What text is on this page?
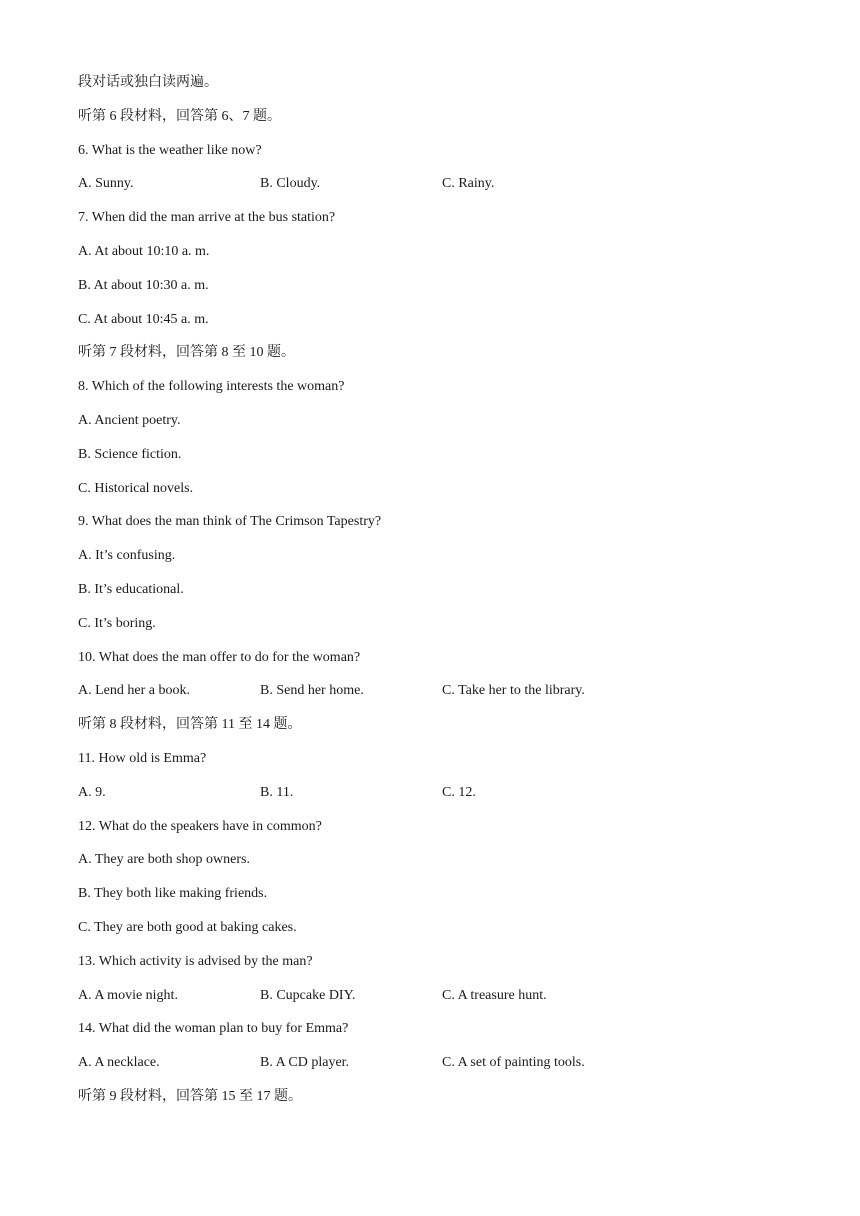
段对话或独白读两遍。
听第 6 段材料，回答第 6、7 题。
6. What is the weather like now?
A. Sunny.	B. Cloudy.	C. Rainy.
7. When did the man arrive at the bus station?
A. At about 10:10 a. m.
B. At about 10:30 a. m.
C. At about 10:45 a. m.
听第 7 段材料，回答第 8 至 10 题。
8. Which of the following interests the woman?
A. Ancient poetry.
B. Science fiction.
C. Historical novels.
9. What does the man think of The Crimson Tapestry?
A. It’s confusing.
B. It’s educational.
C. It’s boring.
10. What does the man offer to do for the woman?
A. Lend her a book.	B. Send her home.	C. Take her to the library.
听第 8 段材料，回答第 11 至 14 题。
11. How old is Emma?
A. 9.	B. 11.	C. 12.
12. What do the speakers have in common?
A. They are both shop owners.
B. They both like making friends.
C. They are both good at baking cakes.
13. Which activity is advised by the man?
A. A movie night.	B. Cupcake DIY.	C. A treasure hunt.
14. What did the woman plan to buy for Emma?
A. A necklace.	B. A CD player.	C. A set of painting tools.
听第 9 段材料，回答第 15 至 17 题。
